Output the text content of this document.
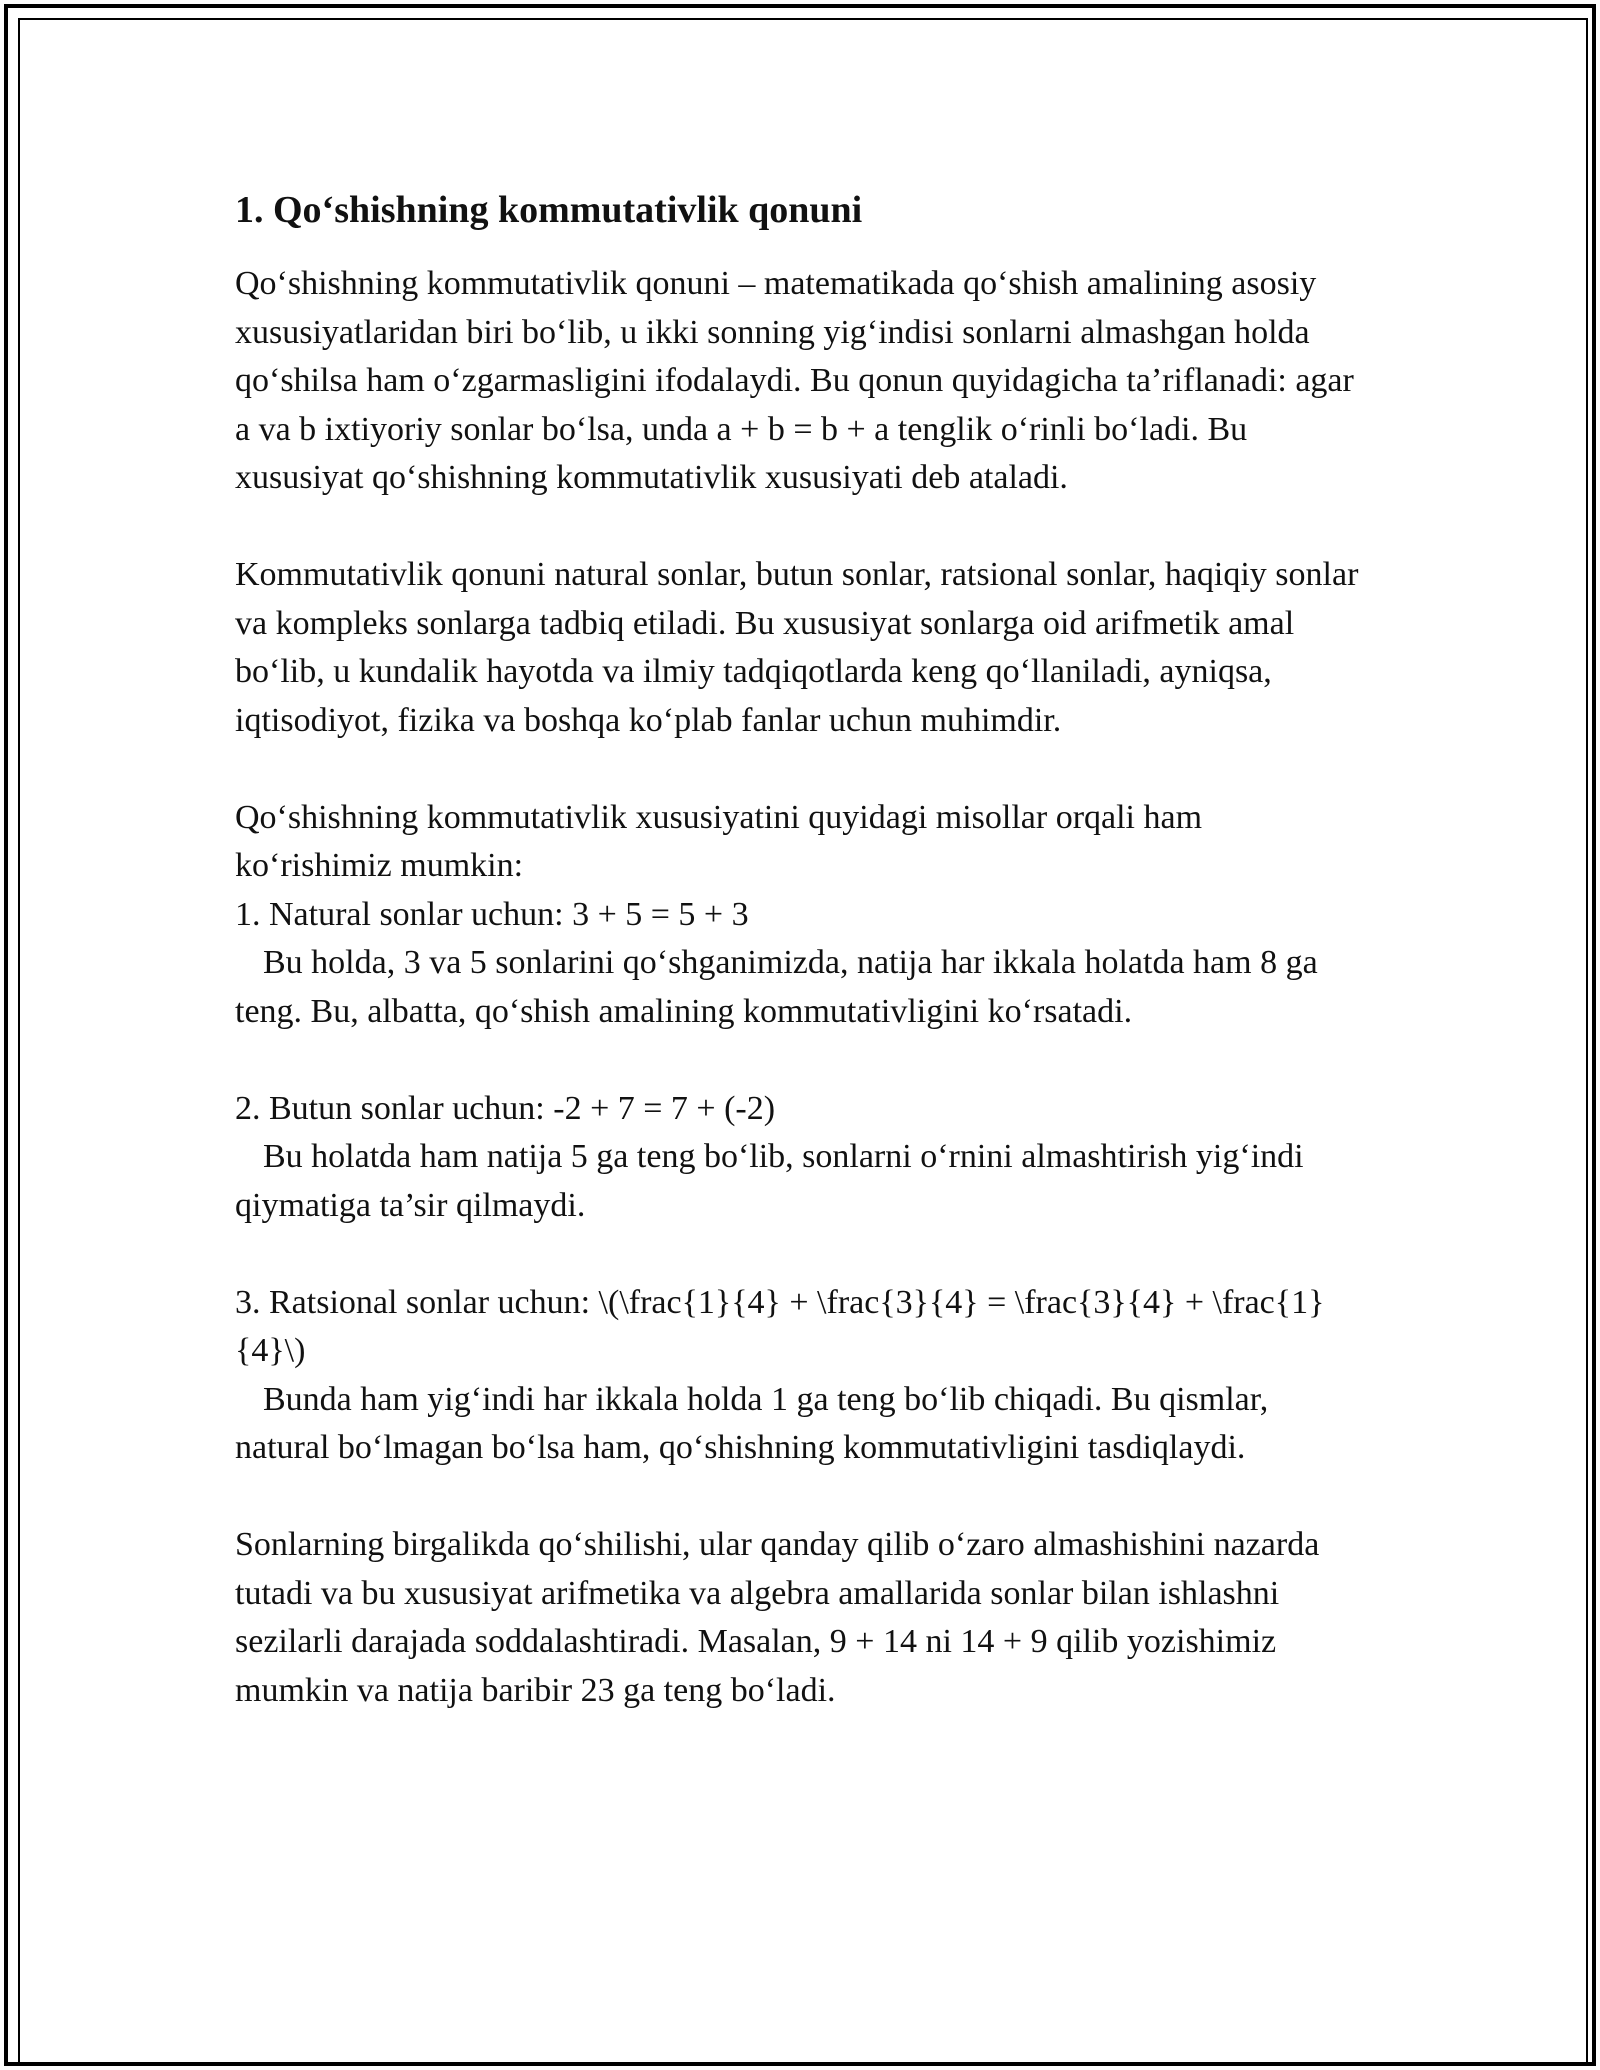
1. Qo‘shishning kommutativlik qonuni

Qo‘shishning kommutativlik qonuni – matematikada qo‘shish amalining asosiy xususiyatlaridan biri bo‘lib, u ikki sonning yig‘indisi sonlarni almashgan holda qo‘shilsa ham o‘zgarmasligini ifodalaydi. Bu qonun quyidagicha ta’riflanadi: agar a va b ixtiyoriy sonlar bo‘lsa, unda a + b = b + a tenglik o‘rinli bo‘ladi. Bu xususiyat qo‘shishning kommutativlik xususiyati deb ataladi.

Kommutativlik qonuni natural sonlar, butun sonlar, ratsional sonlar, haqiqiy sonlar va kompleks sonlarga tadbiq etiladi. Bu xususiyat sonlarga oid arifmetik amal bo‘lib, u kundalik hayotda va ilmiy tadqiqotlarda keng qo‘llaniladi, ayniqsa, iqtisodiyot, fizika va boshqa ko‘plab fanlar uchun muhimdir.

Qo‘shishning kommutativlik xususiyatini quyidagi misollar orqali ham ko‘rishimiz mumkin:

1. Natural sonlar uchun: 3 + 5 = 5 + 3

Bu holda, 3 va 5 sonlarini qo‘shganimizda, natija har ikkala holatda ham 8 ga teng. Bu, albatta, qo‘shish amalining kommutativligini ko‘rsatadi.

2. Butun sonlar uchun: -2 + 7 = 7 + (-2)

Bu holatda ham natija 5 ga teng bo‘lib, sonlarni o‘rnini almashtirish yig‘indi qiymatiga ta’sir qilmaydi.

3. Ratsional sonlar uchun: \(\frac{1}{4} + \frac{3}{4} = \frac{3}{4} + \frac{1}{4}\)

Bunda ham yig‘indi har ikkala holda 1 ga teng bo‘lib chiqadi. Bu qismlar, natural bo‘lmagan bo‘lsa ham, qo‘shishning kommutativligini tasdiqlaydi.

Sonlarning birgalikda qo‘shilishi, ular qanday qilib o‘zaro almashishini nazarda tutadi va bu xususiyat arifmetika va algebra amallarida sonlar bilan ishlashni sezilarli darajada soddalashtiradi. Masalan, 9 + 14 ni 14 + 9 qilib yozishimiz mumkin va natija baribir 23 ga teng bo‘ladi.
